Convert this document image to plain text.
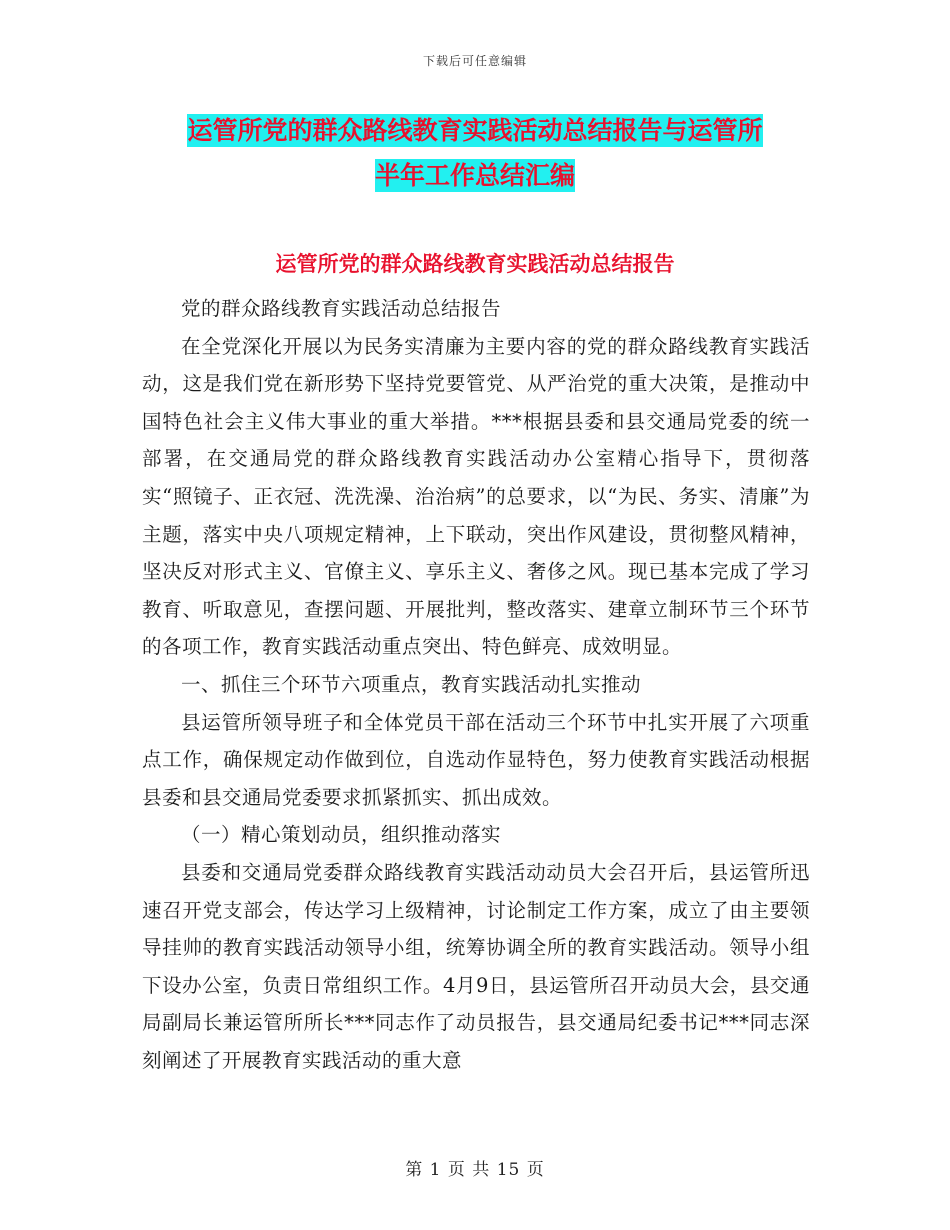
下载后可任意编辑
运管所党的群众路线教育实践活动总结报告与运管所
半年工作总结汇编
运管所党的群众路线教育实践活动总结报告

党的群众路线教育实践活动总结报告

在全党深化开展以为民务实清廉为主要内容的党的群众路线教育实践活动，这是我们党在新形势下坚持党要管党、从严治党的重大决策，是推动中国特色社会主义伟大事业的重大举措。***根据县委和县交通局党委的统一部署，在交通局党的群众路线教育实践活动办公室精心指导下，贯彻落实“照镜子、正衣冠、洗洗澡、治治病”的总要求，以“为民、务实、清廉”为主题，落实中央八项规定精神，上下联动，突出作风建设，贯彻整风精神，坚决反对形式主义、官僚主义、享乐主义、奢侈之风。现已基本完成了学习教育、听取意见，查摆问题、开展批判，整改落实、建章立制环节三个环节的各项工作，教育实践活动重点突出、特色鲜亮、成效明显。

一、抓住三个环节六项重点，教育实践活动扎实推动

县运管所领导班子和全体党员干部在活动三个环节中扎实开展了六项重点工作，确保规定动作做到位，自选动作显特色，努力使教育实践活动根据县委和县交通局党委要求抓紧抓实、抓出成效。

（一）精心策划动员，组织推动落实

县委和交通局党委群众路线教育实践活动动员大会召开后，县运管所迅速召开党支部会，传达学习上级精神，讨论制定工作方案，成立了由主要领导挂帅的教育实践活动领导小组，统筹协调全所的教育实践活动。领导小组下设办公室，负责日常组织工作。4月9日，县运管所召开动员大会，县交通局副局长兼运管所所长***同志作了动员报告，县交通局纪委书记***同志深刻阐述了开展教育实践活动的重大意

第 1 页 共 15 页
